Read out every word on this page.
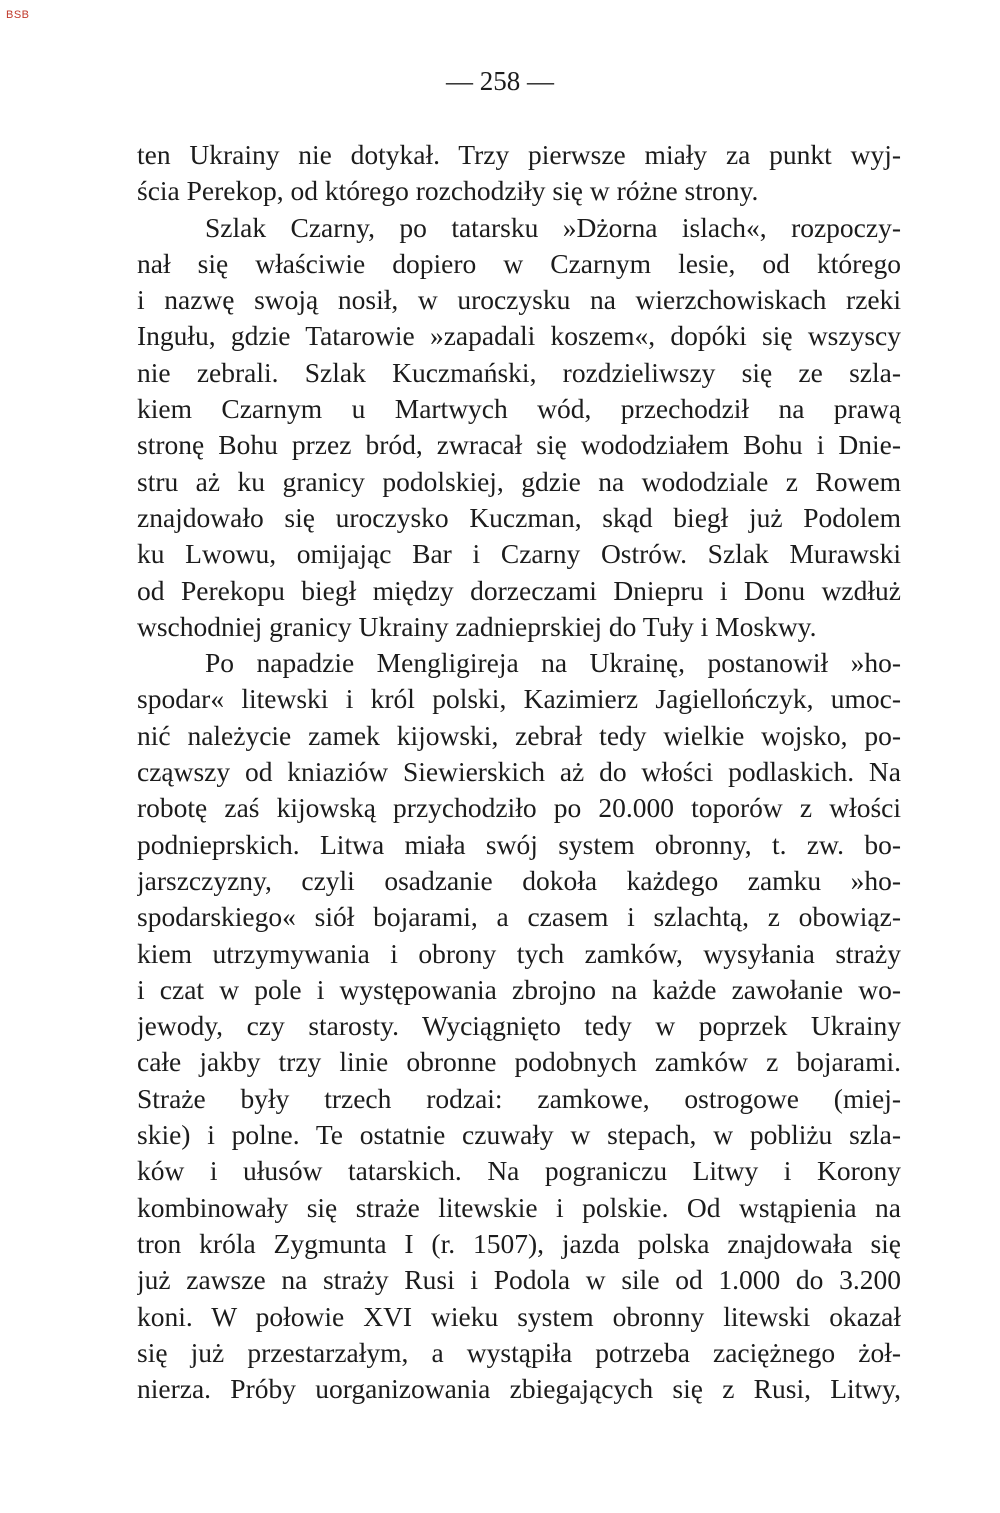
BSB
— 258 —
ten Ukrainy nie dotykał. Trzy pierwsze miały za punkt wyj-
ścia Perekop, od którego rozchodziły się w różne strony.
Szlak Czarny, po tatarsku »Dżorna islach«, rozpoczy-
nał się właściwie dopiero w Czarnym lesie, od którego
i nazwę swoją nosił, w uroczysku na wierzchowiskach rzeki
Ingułu, gdzie Tatarowie »zapadali koszem«, dopóki się wszyscy
nie zebrali. Szlak Kuczmański, rozdzieliwszy się ze szla-
kiem Czarnym u Martwych wód, przechodził na prawą
stronę Bohu przez bród, zwracał się wododziałem Bohu i Dnie-
stru aż ku granicy podolskiej, gdzie na wododziale z Rowem
znajdowało się uroczysko Kuczman, skąd biegł już Podolem
ku Lwowu, omijając Bar i Czarny Ostrów. Szlak Murawski
od Perekopu biegł między dorzeczami Dniepru i Donu wzdłuż
wschodniej granicy Ukrainy zadnieprskiej do Tuły i Moskwy.
Po napadzie Mengligireja na Ukrainę, postanowił »ho-
spodar« litewski i król polski, Kazimierz Jagiellończyk, umoc-
nić należycie zamek kijowski, zebrał tedy wielkie wojsko, po-
cząwszy od kniaziów Siewierskich aż do włości podlaskich. Na
robotę zaś kijowską przychodziło po 20.000 toporów z włości
podnieprskich. Litwa miała swój system obronny, t. zw. bo-
jarszczyzny, czyli osadzanie dokoła każdego zamku »ho-
spodarskiego« siół bojarami, a czasem i szlachtą, z obowiąz-
kiem utrzymywania i obrony tych zamków, wysyłania straży
i czat w pole i występowania zbrojno na każde zawołanie wo-
jewody, czy starosty. Wyciągnięto tedy w poprzek Ukrainy
całe jakby trzy linie obronne podobnych zamków z bojarami.
Straże były trzech rodzai: zamkowe, ostrogowe (miej-
skie) i polne. Te ostatnie czuwały w stepach, w pobliżu szla-
ków i ułusów tatarskich. Na pograniczu Litwy i Korony
kombinowały się straże litewskie i polskie. Od wstąpienia na
tron króla Zygmunta I (r. 1507), jazda polska znajdowała się
już zawsze na straży Rusi i Podola w sile od 1.000 do 3.200
koni. W połowie XVI wieku system obronny litewski okazał
się już przestarzałym, a wystąpiła potrzeba zaciężnego żoł-
nierza. Próby uorganizowania zbiegających się z Rusi, Litwy,
